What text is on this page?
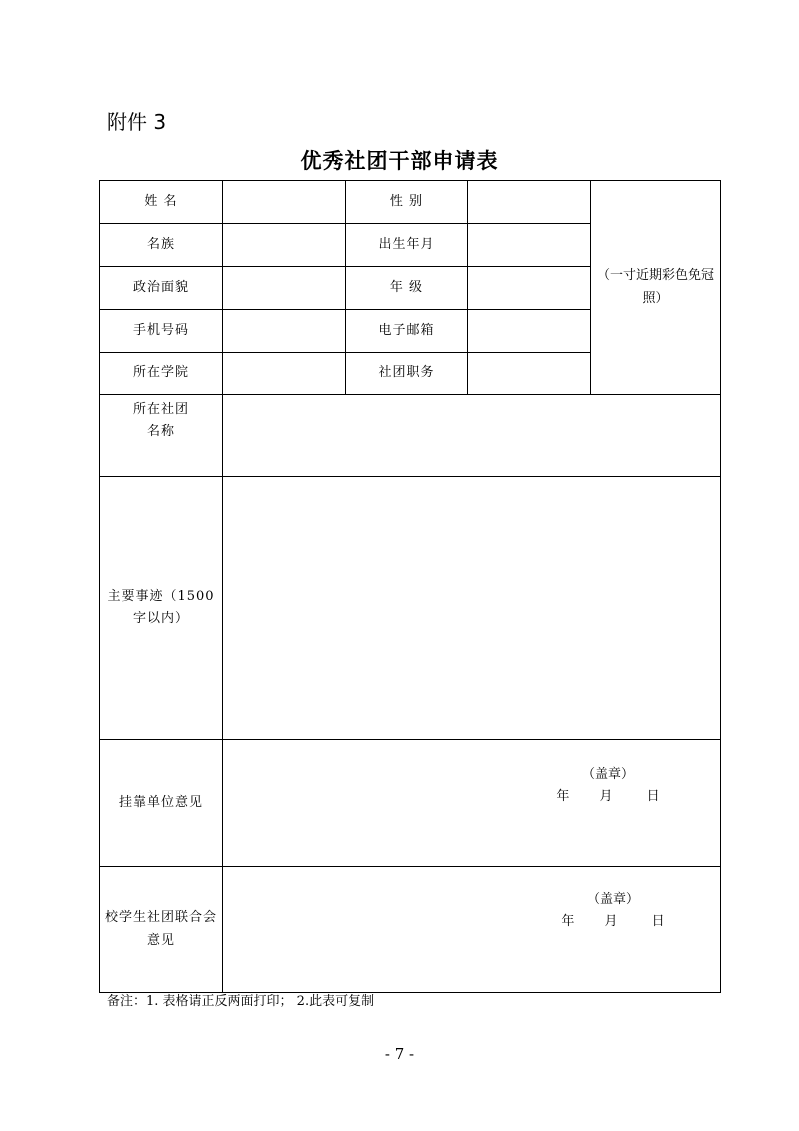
附件 3
优秀社团干部申请表
姓 名		性 别		（一寸近期彩色免冠照）
名族		出生年月		
政治面貌		年 级		
手机号码		电子邮箱		
所在学院		社团职务		

所在社团名称				

主要事迹（1500 字以内）				

挂靠单位意见	（盖章）
年 月 日			

校学生社团联合会意见	（盖章）
年 月 日			
备注：1. 表格请正反两面打印； 2.此表可复制
- 7 -
